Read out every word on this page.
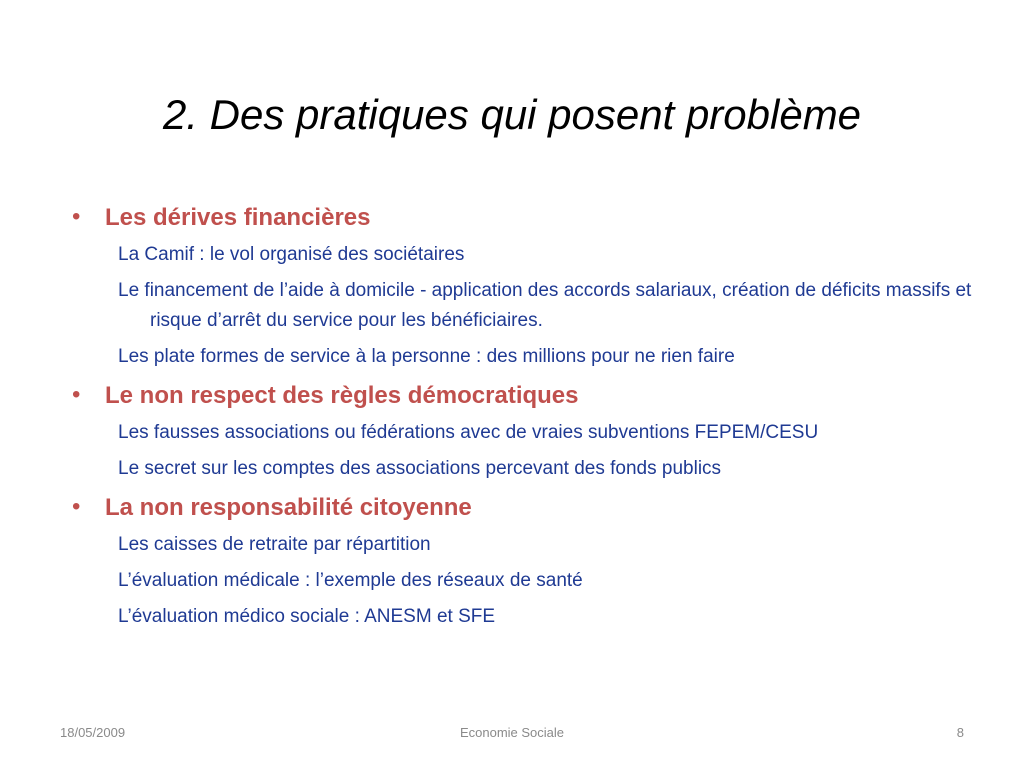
2. Des pratiques qui posent problème
• Les dérives financières
La Camif : le vol organisé des sociétaires
Le financement de l’aide à domicile - application des accords salariaux, création de déficits massifs et risque d’arrêt du service pour les bénéficiaires.
Les plate formes de service à la personne : des millions pour ne rien faire
• Le non respect des règles démocratiques
Les fausses associations ou fédérations avec de vraies subventions FEPEM/CESU
Le secret sur les comptes des associations percevant des fonds publics
• La non responsabilité citoyenne
Les caisses de retraite par répartition
L’évaluation médicale : l’exemple des réseaux de santé
L’évaluation médico sociale : ANESM et SFE
18/05/2009	Economie Sociale	8
